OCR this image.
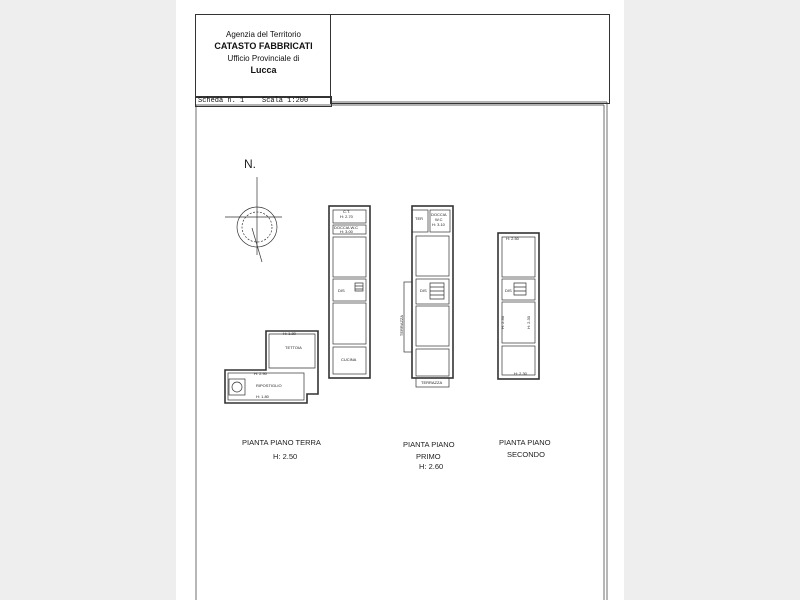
Agenzia del Territorio
CATASTO FABBRICATI
Ufficio Provinciale di
Lucca
Scheda n. 1	Scala 1:200
N.
C.T.
H: 2.70
DOCCIA W.C
H: 3.00
DIS
CUCINA
H: 1.80
TETTOIA
H: 2.90
RIPOSTIGLIO
H: 1.80
TER
DOCCIA
W.C
H: 3.10
DIS
TERRAZZA
TERRAZZA
H: 2.50
DIS
H: 2.30	H: 2.30
H: 2.30
PIANTA PIANO TERRA
H: 2.50
PIANTA PIANO
PRIMO
H: 2.60
PIANTA PIANO
SECONDO
